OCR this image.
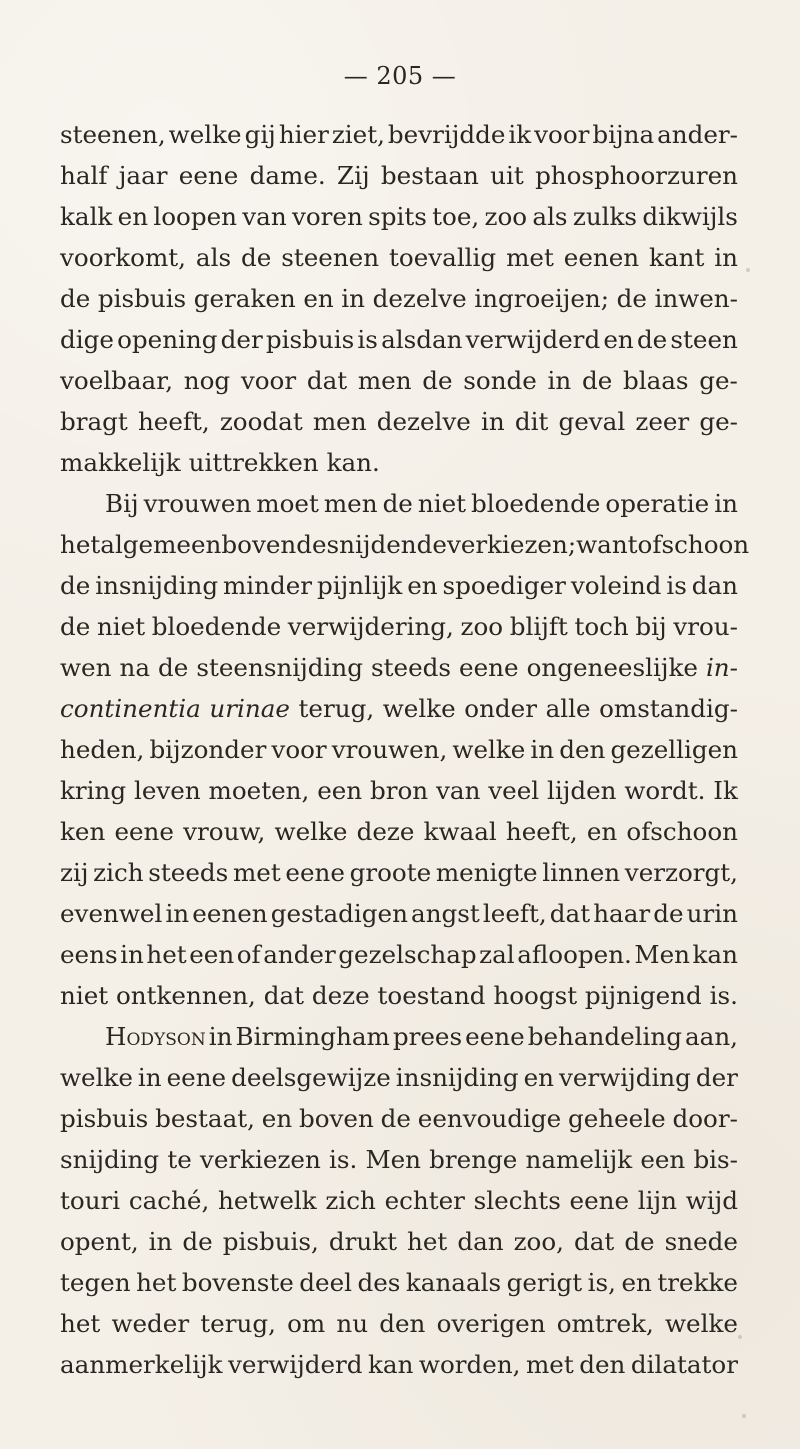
— 205 —
steenen, welke gij hier ziet, bevrijdde ik voor bijna ander-
half jaar eene dame. Zij bestaan uit phosphoorzuren
kalk en loopen van voren spits toe, zoo als zulks dikwijls
voorkomt, als de steenen toevallig met eenen kant in
de pisbuis geraken en in dezelve ingroeijen; de inwen-
dige opening der pisbuis is alsdan verwijderd en de steen
voelbaar, nog voor dat men de sonde in de blaas ge-
bragt heeft, zoodat men dezelve in dit geval zeer ge-
makkelijk uittrekken kan.
Bij vrouwen moet men de niet bloedende operatie in
het algemeen boven de snijdende verkiezen; want ofschoon
de insnijding minder pijnlijk en spoediger voleind is dan
de niet bloedende verwijdering, zoo blijft toch bij vrou-
wen na de steensnijding steeds eene ongeneeslijke in-
continentia urinae terug, welke onder alle omstandig-
heden, bijzonder voor vrouwen, welke in den gezelligen
kring leven moeten, een bron van veel lijden wordt. Ik
ken eene vrouw, welke deze kwaal heeft, en ofschoon
zij zich steeds met eene groote menigte linnen verzorgt,
evenwel in eenen gestadigen angst leeft, dat haar de urin
eens in het een of ander gezelschap zal afloopen. Men kan
niet ontkennen, dat deze toestand hoogst pijnigend is.
Hodyson in Birmingham prees eene behandeling aan,
welke in eene deelsgewijze insnijding en verwijding der
pisbuis bestaat, en boven de eenvoudige geheele door-
snijding te verkiezen is. Men brenge namelijk een bis-
touri caché, hetwelk zich echter slechts eene lijn wijd
opent, in de pisbuis, drukt het dan zoo, dat de snede
tegen het bovenste deel des kanaals gerigt is, en trekke
het weder terug, om nu den overigen omtrek, welke
aanmerkelijk verwijderd kan worden, met den dilatator
